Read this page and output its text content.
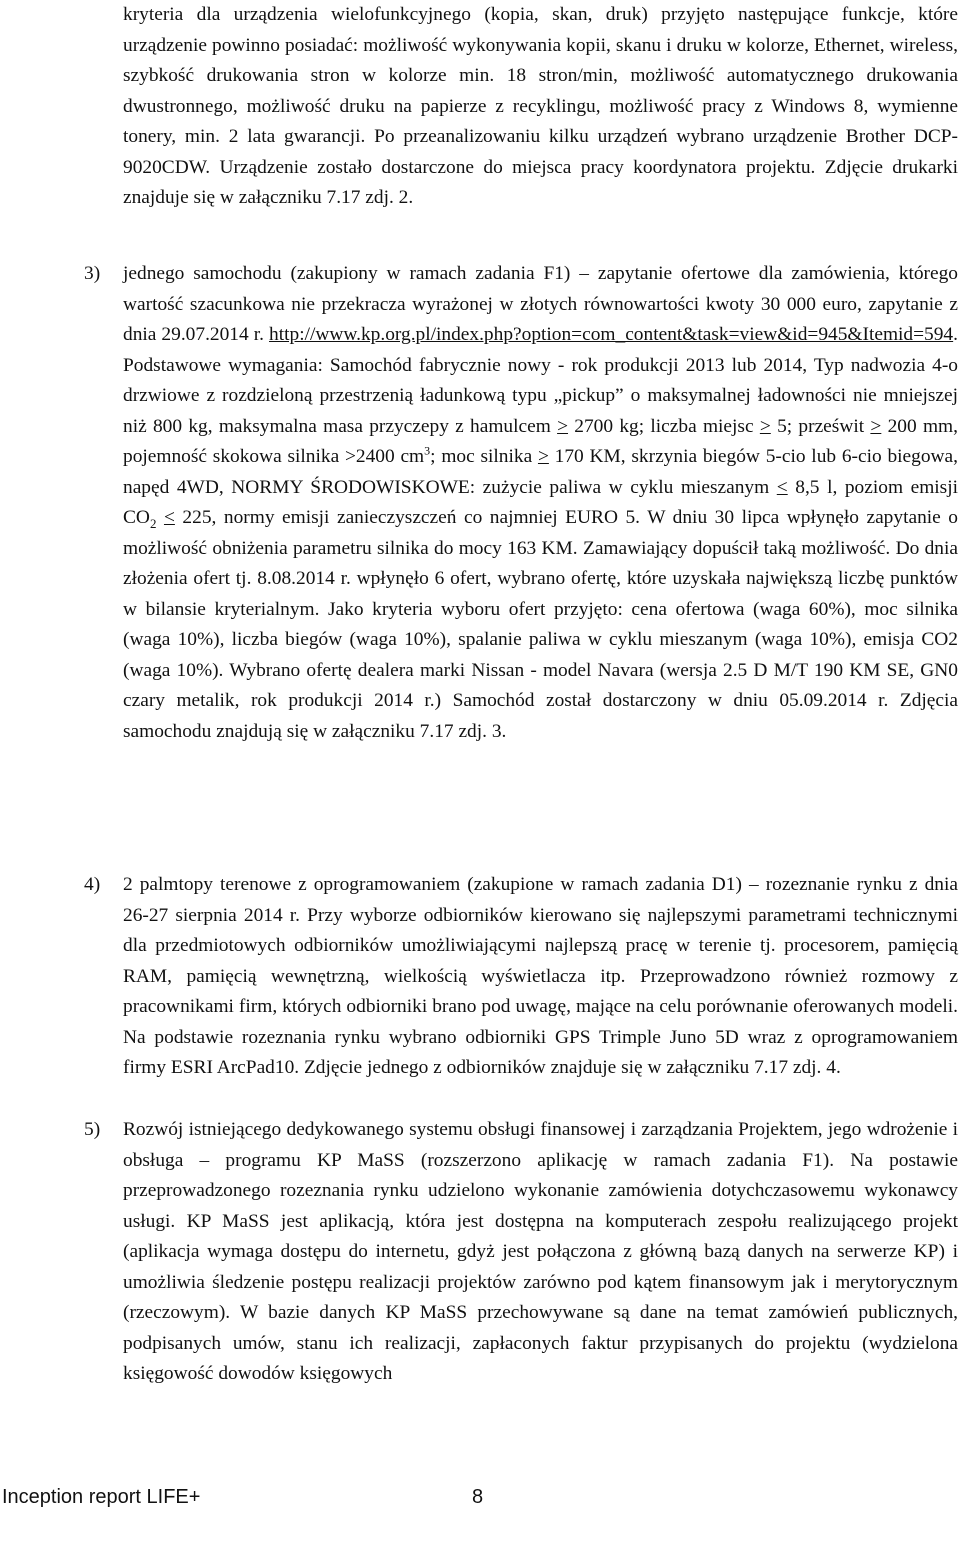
kryteria dla urządzenia wielofunkcyjnego (kopia, skan, druk) przyjęto następujące funkcje, które urządzenie powinno posiadać: możliwość wykonywania kopii, skanu i druku w kolorze, Ethernet, wireless, szybkość drukowania stron w kolorze min. 18 stron/min, możliwość automatycznego drukowania dwustronnego, możliwość druku na papierze z recyklingu, możliwość pracy z Windows 8, wymienne tonery, min. 2 lata gwarancji. Po przeanalizowaniu kilku urządzeń wybrano urządzenie Brother DCP-9020CDW. Urządzenie zostało dostarczone do miejsca pracy koordynatora projektu. Zdjęcie drukarki znajduje się w załączniku 7.17 zdj. 2.

3)	jednego samochodu (zakupiony w ramach zadania F1) – zapytanie ofertowe dla zamówienia, którego wartość szacunkowa nie przekracza wyrażonej w złotych równowartości kwoty 30 000 euro, zapytanie z dnia 29.07.2014 r. http://www.kp.org.pl/index.php?option=com_content&task=view&id=945&Itemid=594. Podstawowe wymagania: Samochód fabrycznie nowy - rok produkcji 2013 lub 2014, Typ nadwozia 4-o drzwiowe z rozdzieloną przestrzenią ładunkową typu „pickup” o maksymalnej ładowności nie mniejszej niż 800 kg, maksymalna masa przyczepy z hamulcem ≥ 2700 kg; liczba miejsc ≥ 5; prześwit ≥ 200 mm, pojemność skokowa silnika >2400 $cm^3$; moc silnika ≥ 170 KM, skrzynia biegów 5-cio lub 6-cio biegowa, napęd 4WD, NORMY ŚRODOWISKOWE: zużycie paliwa w cyklu mieszanym ≤ 8,5 l, poziom emisji $CO_2 \le 225$, normy emisji zanieczyszczeń co najmniej EURO 5. W dniu 30 lipca wpłynęło zapytanie o możliwość obniżenia parametru silnika do mocy 163 KM. Zamawiający dopuścił taką możliwość. Do dnia złożenia ofert tj. 8.08.2014 r. wpłynęło 6 ofert, wybrano ofertę, które uzyskała największą liczbę punktów w bilansie kryterialnym. Jako kryteria wyboru ofert przyjęto: cena ofertowa (waga 60%), moc silnika (waga 10%), liczba biegów (waga 10%), spalanie paliwa w cyklu mieszanym (waga 10%), emisja CO2 (waga 10%). Wybrano ofertę dealera marki Nissan - model Navara (wersja 2.5 D M/T 190 KM SE, GN0 czary metalik, rok produkcji 2014 r.) Samochód został dostarczony w dniu 05.09.2014 r. Zdjęcia samochodu znajdują się w załączniku 7.17 zdj. 3.
4)	2 palmtopy terenowe z oprogramowaniem (zakupione w ramach zadania D1) – rozeznanie rynku z dnia 26-27 sierpnia 2014 r. Przy wyborze odbiorników kierowano się najlepszymi parametrami technicznymi dla przedmiotowych odbiorników umożliwiającymi najlepszą pracę w terenie tj. procesorem, pamięcią RAM, pamięcią wewnętrzną, wielkością wyświetlacza itp. Przeprowadzono również rozmowy z pracownikami firm, których odbiorniki brano pod uwagę, mające na celu porównanie oferowanych modeli. Na podstawie rozeznania rynku wybrano odbiorniki GPS Trimple Juno 5D wraz z oprogramowaniem firmy ESRI ArcPad10. Zdjęcie jednego z odbiorników znajduje się w załączniku 7.17 zdj. 4.
5)	Rozwój istniejącego dedykowanego systemu obsługi finansowej i zarządzania Projektem, jego wdrożenie i obsługa – programu KP MaSS (rozszerzono aplikację w ramach zadania F1). Na postawie przeprowadzonego rozeznania rynku udzielono wykonanie zamówienia dotychczasowemu wykonawcy usługi. KP MaSS jest aplikacją, która jest dostępna na komputerach zespołu realizującego projekt (aplikacja wymaga dostępu do internetu, gdyż jest połączona z główną bazą danych na serwerze KP) i umożliwia śledzenie postępu realizacji projektów zarówno pod kątem finansowym jak i merytorycznym (rzeczowym). W bazie danych KP MaSS przechowywane są dane na temat zamówień publicznych, podpisanych umów, stanu ich realizacji, zapłaconych faktur przypisanych do projektu (wydzielona księgowość dowodów księgowych
Inception report LIFE+	8
